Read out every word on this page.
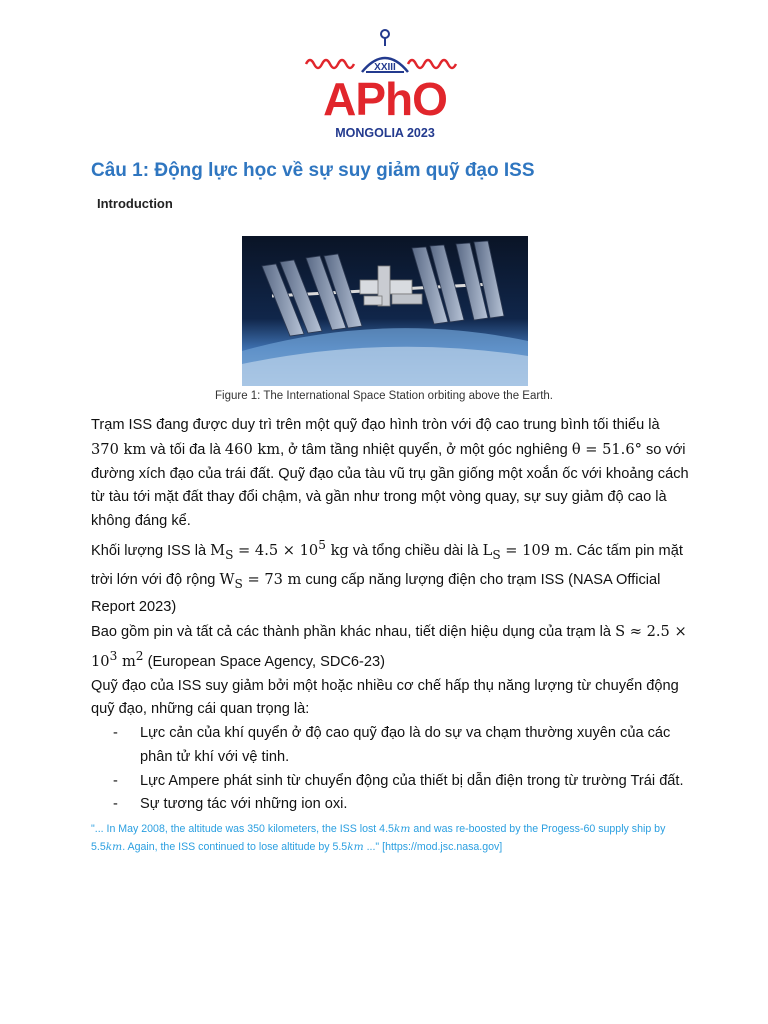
XXIII
APhO
MONGOLIA 2023
Câu 1: Động lực học về sự suy giảm quỹ đạo ISS
Introduction
Figure 1: The International Space Station orbiting above the Earth.

Trạm ISS đang được duy trì trên một quỹ đạo hình tròn với độ cao trung bình tối thiểu là 370 km và tối đa là 460 km, ở tâm tầng nhiệt quyển, ở một góc nghiêng θ = 51.6° so với đường xích đạo của trái đất. Quỹ đạo của tàu vũ trụ gần giống một xoắn ốc với khoảng cách từ tàu tới mặt đất thay đổi chậm, và gần như trong một vòng quay, sự suy giảm độ cao là không đáng kể.

Khối lượng ISS là $M_S = 4.5 \times 10^5$ kg và tổng chiều dài là $L_S = 109$ m. Các tấm pin mặt trời lớn với độ rộng $W_S = 73$ m cung cấp năng lượng điện cho trạm ISS (NASA Official Report 2023)

Bao gồm pin và tất cả các thành phần khác nhau, tiết diện hiệu dụng của trạm là $S \approx 2.5 \times 10^3$ $m^2$ (European Space Agency, SDC6-23)

Quỹ đạo của ISS suy giảm bởi một hoặc nhiều cơ chế hấp thụ năng lượng từ chuyển động quỹ đạo, những cái quan trọng là:

- Lực cản của khí quyển ở độ cao quỹ đạo là do sự va chạm thường xuyên của các phân tử khí với vệ tinh.
- Lực Ampere phát sinh từ chuyển động của thiết bị dẫn điện trong từ trường Trái đất.
- Sự tương tác với những ion oxi.
"... In May 2008, the altitude was 350 kilometers, the ISS lost 4.5km and was re-boosted by the Progess-60 supply ship by 5.5km. Again, the ISS continued to lose altitude by 5.5km ..." [https://mod.jsc.nasa.gov]
